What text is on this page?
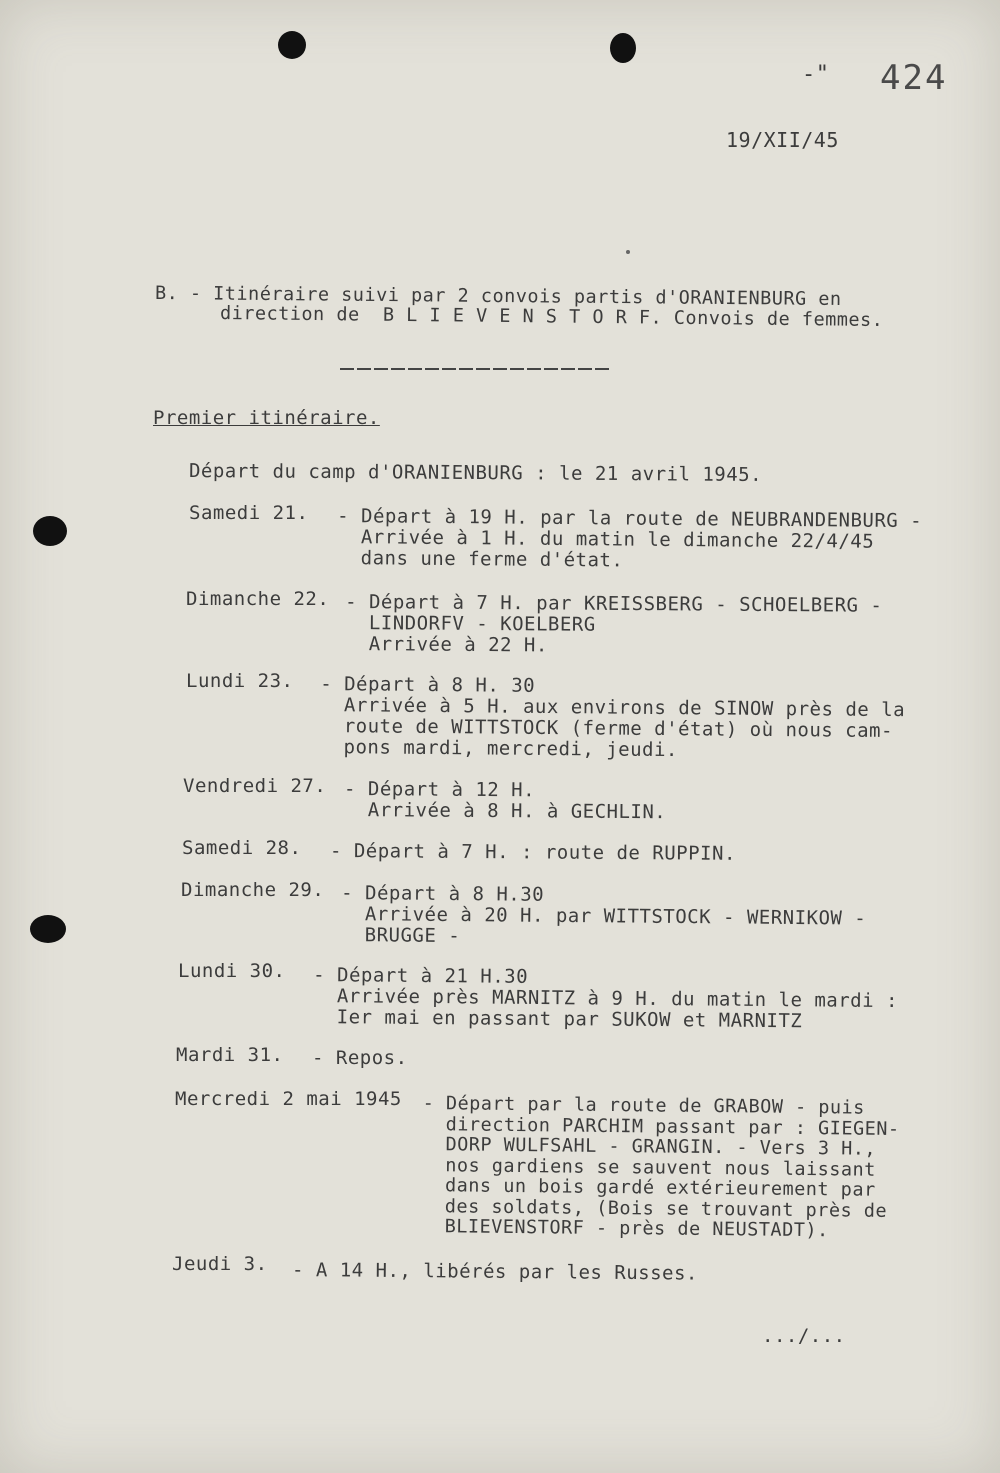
-" 424
19/XII/45
B. - Itinéraire suivi par 2 convois partis d'ORANIENBURG en
direction de  B L I E V E N S T O R F. Convois de femmes.
Premier itinéraire.
Départ du camp d'ORANIENBURG : le 21 avril 1945.
Samedi 21. - Départ à 19 H. par la route de NEUBRANDENBURG -
Arrivée à 1 H. du matin le dimanche 22/4/45
dans une ferme d'état.
Dimanche 22. - Départ à 7 H. par KREISSBERG - SCHOELBERG -
LINDORFV - KOELBERG
Arrivée à 22 H.
Lundi 23. - Départ à 8 H. 30
Arrivée à 5 H. aux environs de SINOW près de la
route de WITTSTOCK (ferme d'état) où nous cam-
pons mardi, mercredi, jeudi.
Vendredi 27. - Départ à 12 H.
Arrivée à 8 H. à GECHLIN.
Samedi 28. - Départ à 7 H. : route de RUPPIN.
Dimanche 29. - Départ à 8 H.30
Arrivée à 20 H. par WITTSTOCK - WERNIKOW -
BRUGGE -
Lundi 30. - Départ à 21 H.30
Arrivée près MARNITZ à 9 H. du matin le mardi :
Ier mai en passant par SUKOW et MARNITZ
Mardi 31. - Repos.
Mercredi 2 mai 1945 - Départ par la route de GRABOW - puis
direction PARCHIM passant par : GIEGEN-
DORP WULFSAHL - GRANGIN. - Vers 3 H.,
nos gardiens se sauvent nous laissant
dans un bois gardé extérieurement par
des soldats, (Bois se trouvant près de
BLIEVENSTORF - près de NEUSTADT).
Jeudi 3. - A 14 H., libérés par les Russes.
.../...
